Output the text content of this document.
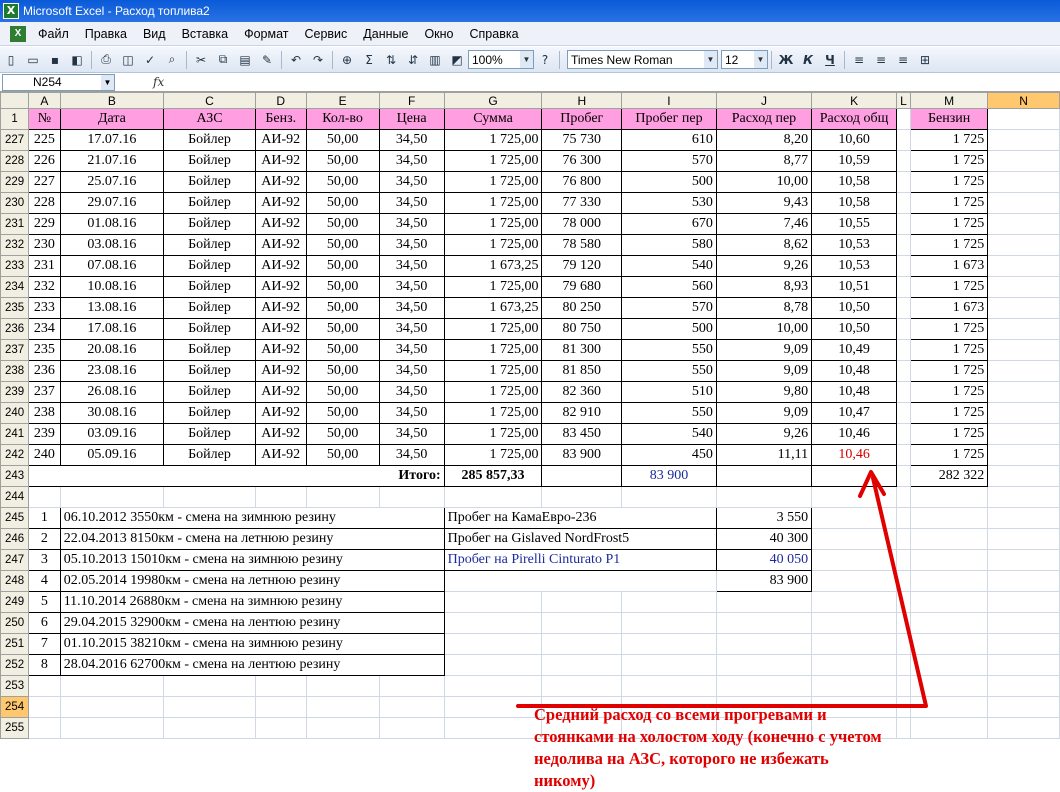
X Microsoft Excel - Расход топлива2
X	Файл	Правка	Вид	Вставка	Формат	Сервис	Данные	Окно	Справка
▯	▭	▪	◧	⎙ ◫ ✓	⌕	✂	⧉	▤ ✎	↶ ↷	⊕	Σ	⇅ ⇵ ▥ ◩ 100%	▼ ?	Times New Roman	▼ 12	▼ Ж К	Ч	≡ ≡ ≡ ⊞
N254	▼	fx
	A	B	C	D	E	F	G	H	I	J	K	L	M	N
1	№	Дата	АЗС	Бенз.	Кол-во	Цена	Сумма	Пробег	Пробег пер	Расход пер	Расход общ		Бензин	
227	225	17.07.16	Бойлер	АИ-92	50,00	34,50	1 725,00	75 730	610	8,20	10,60		1 725	
228	226	21.07.16	Бойлер	АИ-92	50,00	34,50	1 725,00	76 300	570	8,77	10,59		1 725	
229	227	25.07.16	Бойлер	АИ-92	50,00	34,50	1 725,00	76 800	500	10,00	10,58		1 725	
230	228	29.07.16	Бойлер	АИ-92	50,00	34,50	1 725,00	77 330	530	9,43	10,58		1 725	
231	229	01.08.16	Бойлер	АИ-92	50,00	34,50	1 725,00	78 000	670	7,46	10,55		1 725	
232	230	03.08.16	Бойлер	АИ-92	50,00	34,50	1 725,00	78 580	580	8,62	10,53		1 725	
233	231	07.08.16	Бойлер	АИ-92	50,00	34,50	1 673,25	79 120	540	9,26	10,53		1 673	
234	232	10.08.16	Бойлер	АИ-92	50,00	34,50	1 725,00	79 680	560	8,93	10,51		1 725	
235	233	13.08.16	Бойлер	АИ-92	50,00	34,50	1 673,25	80 250	570	8,78	10,50		1 673	
236	234	17.08.16	Бойлер	АИ-92	50,00	34,50	1 725,00	80 750	500	10,00	10,50		1 725	
237	235	20.08.16	Бойлер	АИ-92	50,00	34,50	1 725,00	81 300	550	9,09	10,49		1 725	
238	236	23.08.16	Бойлер	АИ-92	50,00	34,50	1 725,00	81 850	550	9,09	10,48		1 725	
239	237	26.08.16	Бойлер	АИ-92	50,00	34,50	1 725,00	82 360	510	9,80	10,48		1 725	
240	238	30.08.16	Бойлер	АИ-92	50,00	34,50	1 725,00	82 910	550	9,09	10,47		1 725	
241	239	03.09.16	Бойлер	АИ-92	50,00	34,50	1 725,00	83 450	540	9,26	10,46		1 725	
242	240	05.09.16	Бойлер	АИ-92	50,00	34,50	1 725,00	83 900	450	11,11	10,46		1 725	
243	Итого:						285 857,33		83 900				282 322	
244														
245	1	06.10.2012 3550км - смена на зимнюю резину					Пробег на КамаЕвро-236			3 550				
246	2	22.04.2013 8150км - смена на летнюю резину					Пробег на Gislaved NordFrost5			40 300				
247	3	05.10.2013 15010км - смена на зимнюю резину					Пробег на Pirelli Cinturato P1			40 050				
248	4	02.05.2014 19980км - смена на летнюю резину								83 900				
249	5	11.10.2014 26880км - смена на зимнюю резину												
250	6	29.04.2015 32900км - смена на лентюю резину												
251	7	01.10.2015 38210км - смена на зимнюю резину												
252	8	28.04.2016 62700км - смена на лентюю резину												
253														
254														
255														
Средний расход со всеми прогревами и стоянками на холостом ходу (конечно с учетом недолива на АЗС, которого не избежать никому)
